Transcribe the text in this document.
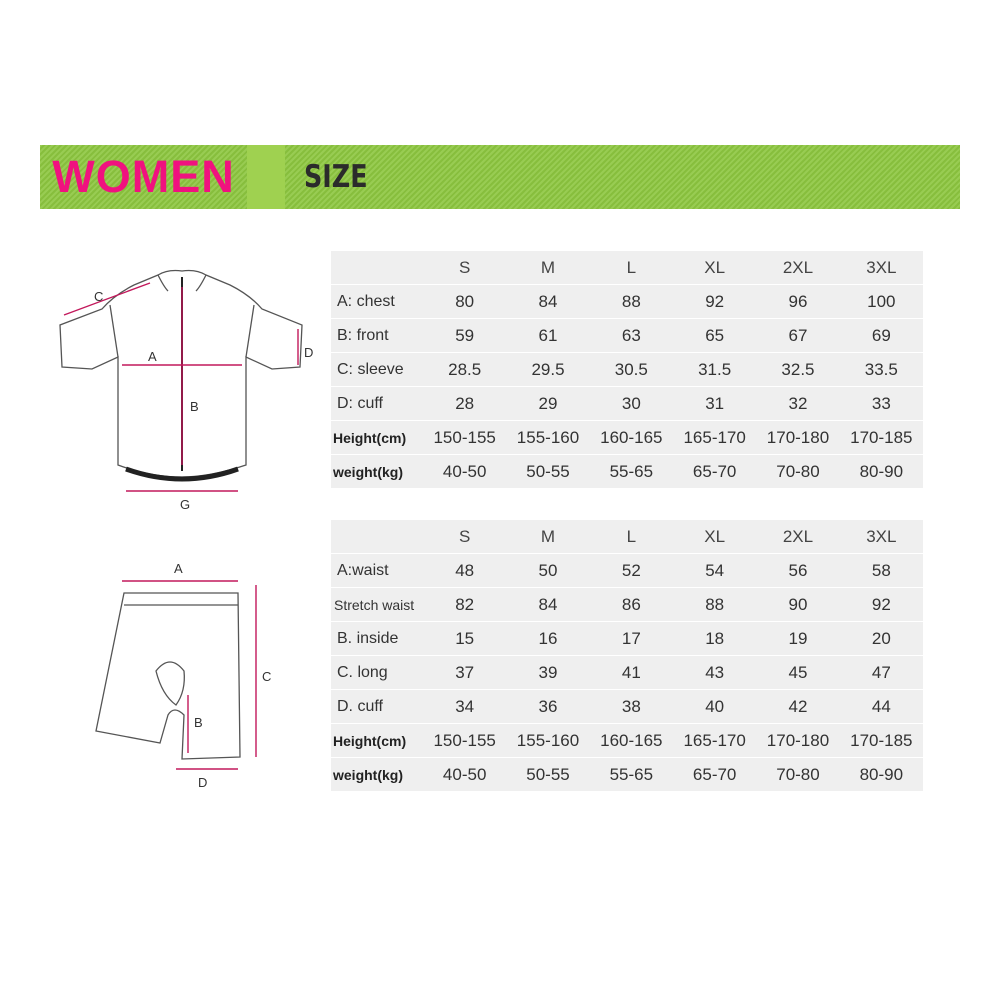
WOMEN	SIZE
C
A
B
D
G
A
C
B
D
	S	M	L	XL	2XL	3XL
A: chest	80	84	88	92	96	100
B: front	59	61	63	65	67	69
C: sleeve	28.5	29.5	30.5	31.5	32.5	33.5
D: cuff	28	29	30	31	32	33
Height(cm)	150-155	155-160	160-165	165-170	170-180	170-185
weight(kg)	40-50	50-55	55-65	65-70	70-80	80-90
	S	M	L	XL	2XL	3XL
A:waist	48	50	52	54	56	58
Stretch waist	82	84	86	88	90	92
B. inside	15	16	17	18	19	20
C. long	37	39	41	43	45	47
D. cuff	34	36	38	40	42	44
Height(cm)	150-155	155-160	160-165	165-170	170-180	170-185
weight(kg)	40-50	50-55	55-65	65-70	70-80	80-90
